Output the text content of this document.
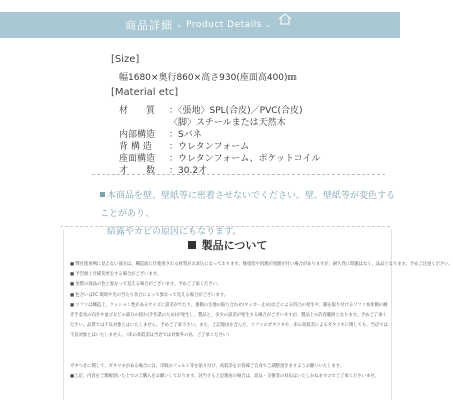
商品詳細 - Product Details -
[Size]
幅1680×奥行860×高さ930(座面高400)㎜
[Material etc]
材　　質 ：〈張地〉SPL(合皮)／PVC(合皮)
〈脚〉スチールまたは天然木
内部構造 ：Sバネ
背 構 造 ：ウレタンフォーム
座面構造 ：ウレタンフォーム、ポケットコイル
才　　数 ：30.2才
本商品を壁、壁紙等に密着させないでください。壁、壁紙等が変色することがあり、
結露やカビの原因にもなります。
製品について
■ 弊社使用例に見えない部分は、構造面に仕使用される材質がお求込になっております。無塗装や処理が処理が甘い場合がありますが、耐久性に問題はなく、品品となります。予めご注意ください。
■ 予告無く仕様変更をする場合がございます。
■ 実際の商品の色と異なって見える場合がございます。予めご了承ください。
■ 色合いはFC 環境や光の当たり具合によって異なって見える場合がございます。
■ ソファは構造上、クッション性があるサイズに誤差がでたり、裏側の生地の貼り合わせ(タッカー止め)などによる凹凸の発生や、脚を取り付けるソファ本体側の継ぎ手金具の向きや並びなどの部分の揺れ(手作業のため)が発生し、製品と、多少の誤差が発生する場合がございますが、製品上の許容範囲となります。予めご了承ください。品質では不良対象とはいたしません。予めご了承下さい。また、上記理由を含んだ、ソファのガタツキや、床の高低差によるガタツキに関しても、当店では不良対象とはいたしません。（床の高低差は当店では対象外の為、ご了承ください）
ガタつきに関して、ガタツキがある場合には、市販のフェルト等を貼り付け、高低差をお客様ご自身でご調整頂きますようお願いいたします。
■上記、内容をご理解頂いた上でのご購入をお願いしております。該当する上記理由の場合は、返品・交換等の対応はいたしかねますのでご了承くださいませ。
